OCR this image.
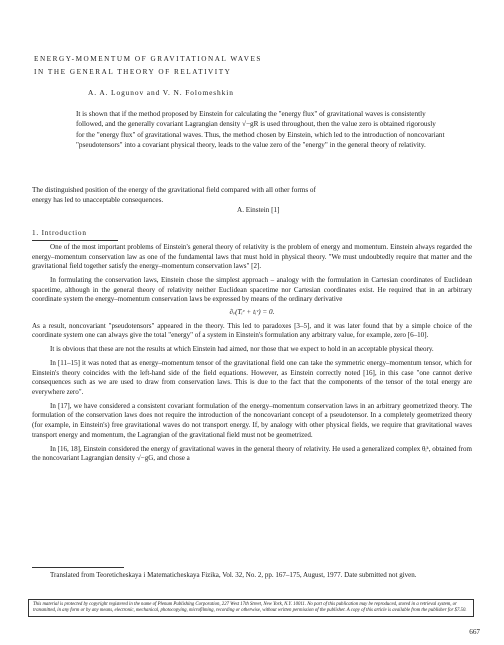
ENERGY-MOMENTUM OF GRAVITATIONAL WAVES
IN THE GENERAL THEORY OF RELATIVITY
A. A. Logunov and V. N. Folomeshkin

It is shown that if the method proposed by Einstein for calculating the "energy flux" of gravitational waves is consistently followed, and the generally covariant Lagrangian density √−gR is used throughout, then the value zero is obtained rigorously for the "energy flux" of gravitational waves. Thus, the method chosen by Einstein, which led to the introduction of noncovariant "pseudotensors" into a covariant physical theory, leads to the value zero of the "energy" in the general theory of relativity.

The distinguished position of the energy of the gravitational field compared with all other forms of energy has led to unacceptable consequences.

A. Einstein [1]
1. Introduction

One of the most important problems of Einstein's general theory of relativity is the problem of energy and momentum. Einstein always regarded the energy–momentum conservation law as one of the fundamental laws that must hold in physical theory. "We must undoubtedly require that matter and the gravitational field together satisfy the energy–momentum conservation laws" [2].

In formulating the conservation laws, Einstein chose the simplest approach – analogy with the formulation in Cartesian coordinates of Euclidean spacetime, although in the general theory of relativity neither Euclidean spacetime nor Cartesian coordinates exist. He required that in an arbitrary coordinate system the energy–momentum conservation laws be expressed by means of the ordinary derivative

∂ᵥ(Tᵢᵛ + tᵢᵛ) = 0.

As a result, noncovariant "pseudotensors" appeared in the theory. This led to paradoxes [3–5], and it was later found that by a simple choice of the coordinate system one can always give the total "energy" of a system in Einstein's formulation any arbitrary value, for example, zero [6–10].

It is obvious that these are not the results at which Einstein had aimed, nor those that we expect to hold in an acceptable physical theory.

In [11–15] it was noted that as energy–momentum tensor of the gravitational field one can take the symmetric energy–momentum tensor, which for Einstein's theory coincides with the left-hand side of the field equations. However, as Einstein correctly noted [16], in this case "one cannot derive consequences such as we are used to draw from conservation laws. This is due to the fact that the components of the tensor of the total energy are everywhere zero".

In [17], we have considered a consistent covariant formulation of the energy–momentum conservation laws in an arbitrary geometrized theory. The formulation of the conservation laws does not require the introduction of the noncovariant concept of a pseudotensor. In a completely geometrized theory (for example, in Einstein's) free gravitational waves do not transport energy. If, by analogy with other physical fields, we require that gravitational waves transport energy and momentum, the Lagrangian of the gravitational field must not be geometrized.

In [16, 18], Einstein considered the energy of gravitational waves in the general theory of relativity. He used a generalized complex θᵢᵏ, obtained from the noncovariant Lagrangian density √−gG, and chose a

Translated from Teoreticheskaya i Matematicheskaya Fizika, Vol. 32, No. 2, pp. 167–175, August, 1977. Date submitted not given.

This material is protected by copyright registered in the name of Plenum Publishing Corporation, 227 West 17th Street, New York, N.Y. 10011. No part of this publication may be reproduced, stored in a retrieval system, or transmitted, in any form or by any means, electronic, mechanical, photocopying, microfilming, recording or otherwise, without written permission of the publisher. A copy of this article is available from the publisher for $7.50.
667
